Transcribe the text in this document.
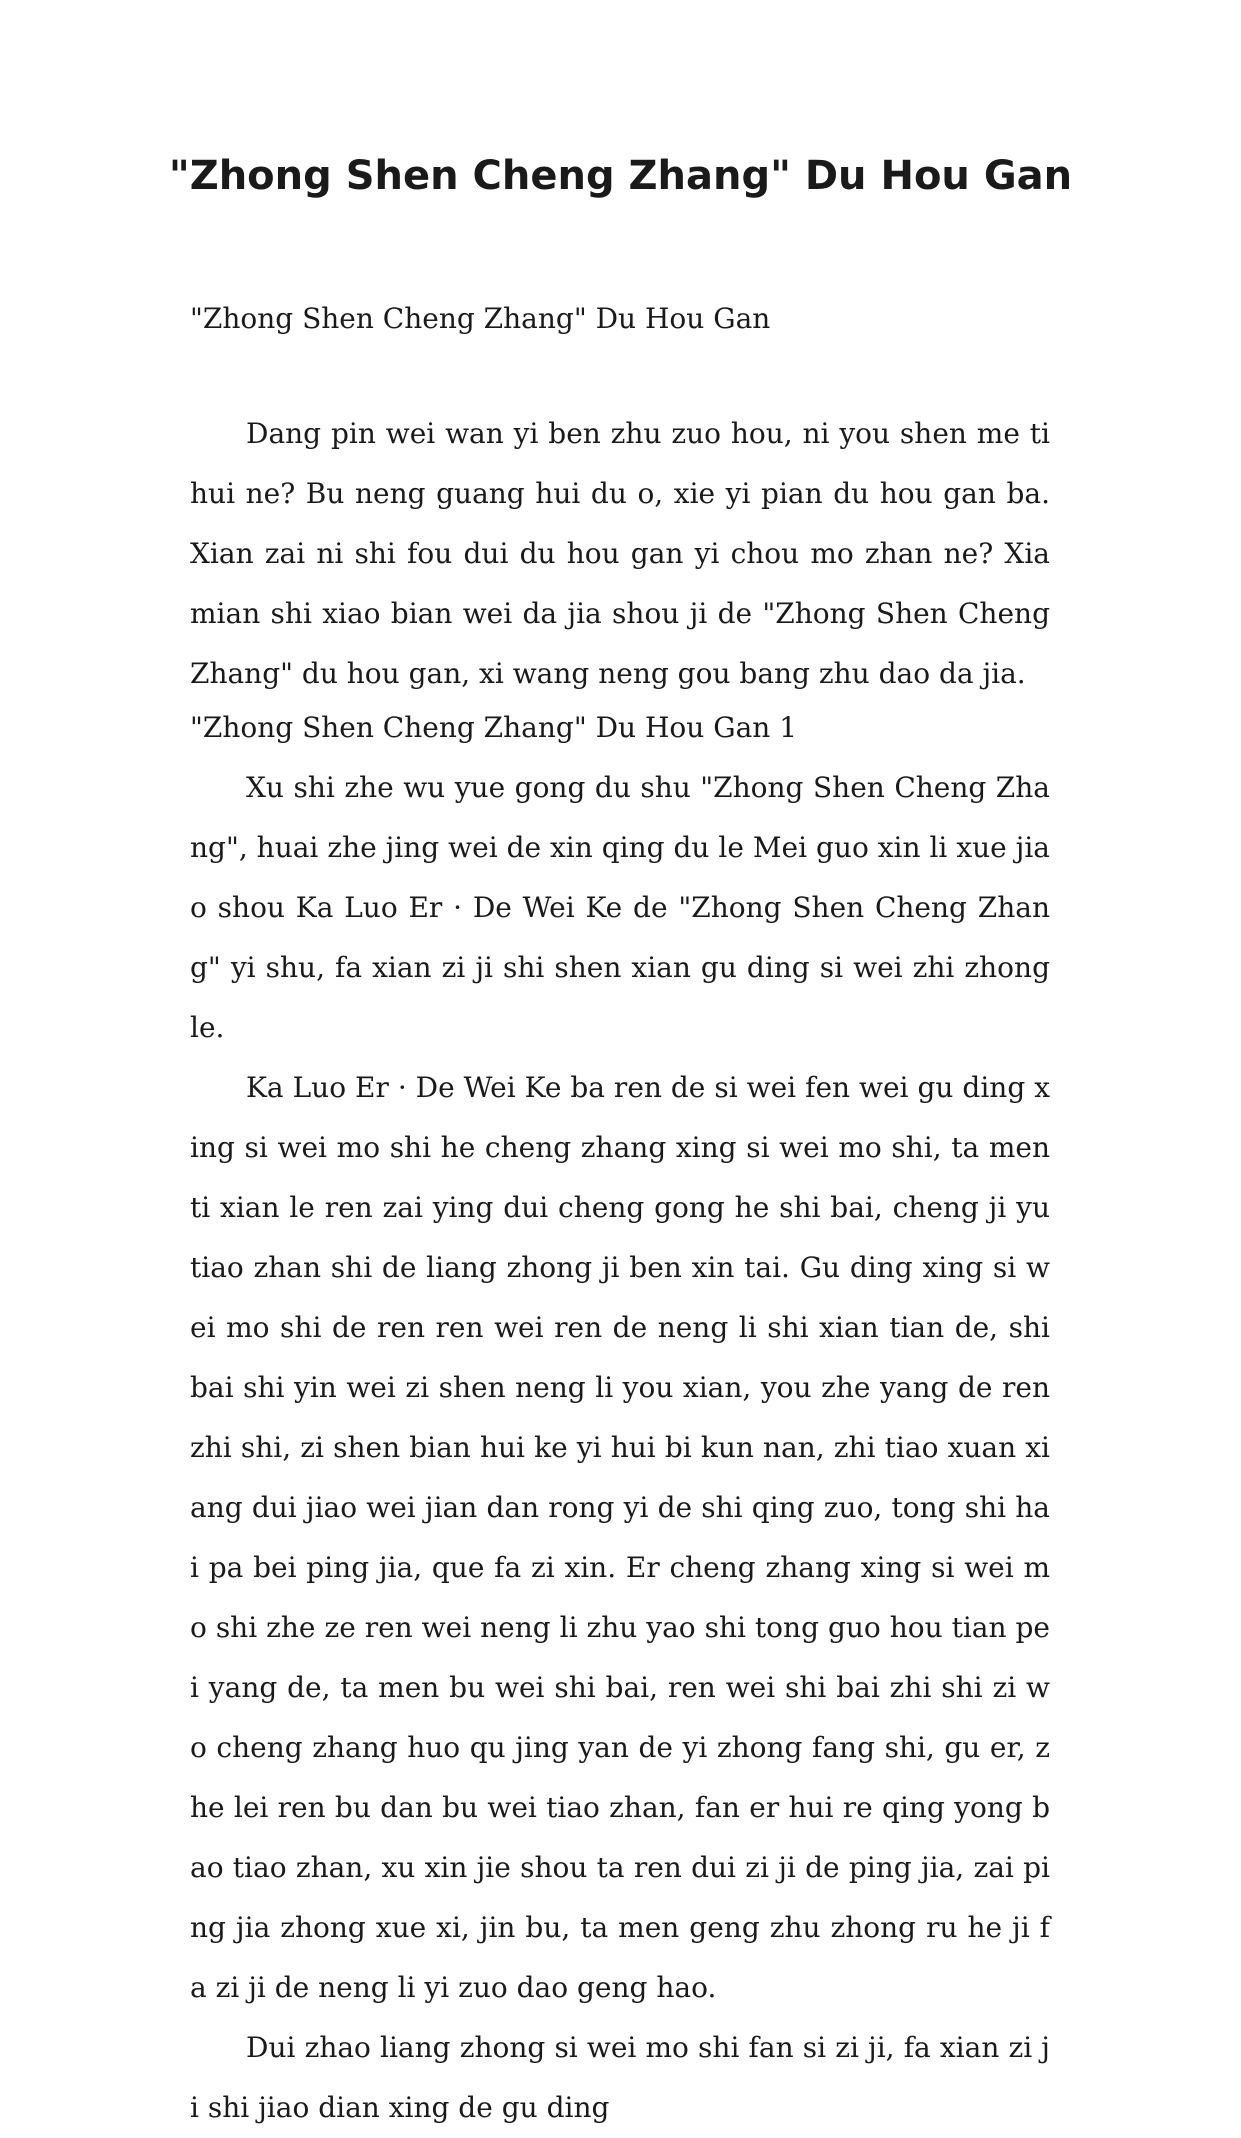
"Zhong Shen Cheng Zhang" Du Hou Gan

"Zhong Shen Cheng Zhang" Du Hou Gan

Dang pin wei wan yi ben zhu zuo hou, ni you shen me ti hui ne? Bu neng guang hui du o, xie yi pian du hou gan ba. Xian zai ni shi fou dui du hou gan yi chou mo zhan ne? Xia mian shi xiao bian wei da jia shou ji de "Zhong Shen Cheng Zhang" du hou gan, xi wang neng gou bang zhu dao da jia.

"Zhong Shen Cheng Zhang" Du Hou Gan 1

Xu shi zhe wu yue gong du shu "Zhong Shen Cheng Zhang", huai zhe jing wei de xin qing du le Mei guo xin li xue jiao shou Ka Luo Er · De Wei Ke de "Zhong Shen Cheng Zhang" yi shu, fa xian zi ji shi shen xian gu ding si wei zhi zhong le.

Ka Luo Er · De Wei Ke ba ren de si wei fen wei gu ding xing si wei mo shi he cheng zhang xing si wei mo shi, ta men ti xian le ren zai ying dui cheng gong he shi bai, cheng ji yu tiao zhan shi de liang zhong ji ben xin tai. Gu ding xing si wei mo shi de ren ren wei ren de neng li shi xian tian de, shi bai shi yin wei zi shen neng li you xian, you zhe yang de ren zhi shi, zi shen bian hui ke yi hui bi kun nan, zhi tiao xuan xiang dui jiao wei jian dan rong yi de shi qing zuo, tong shi hai pa bei ping jia, que fa zi xin. Er cheng zhang xing si wei mo shi zhe ze ren wei neng li zhu yao shi tong guo hou tian pei yang de, ta men bu wei shi bai, ren wei shi bai zhi shi zi wo cheng zhang huo qu jing yan de yi zhong fang shi, gu er, zhe lei ren bu dan bu wei tiao zhan, fan er hui re qing yong bao tiao zhan, xu xin jie shou ta ren dui zi ji de ping jia, zai ping jia zhong xue xi, jin bu, ta men geng zhu zhong ru he ji fa zi ji de neng li yi zuo dao geng hao.

Dui zhao liang zhong si wei mo shi fan si zi ji, fa xian zi ji shi jiao dian xing de gu ding
